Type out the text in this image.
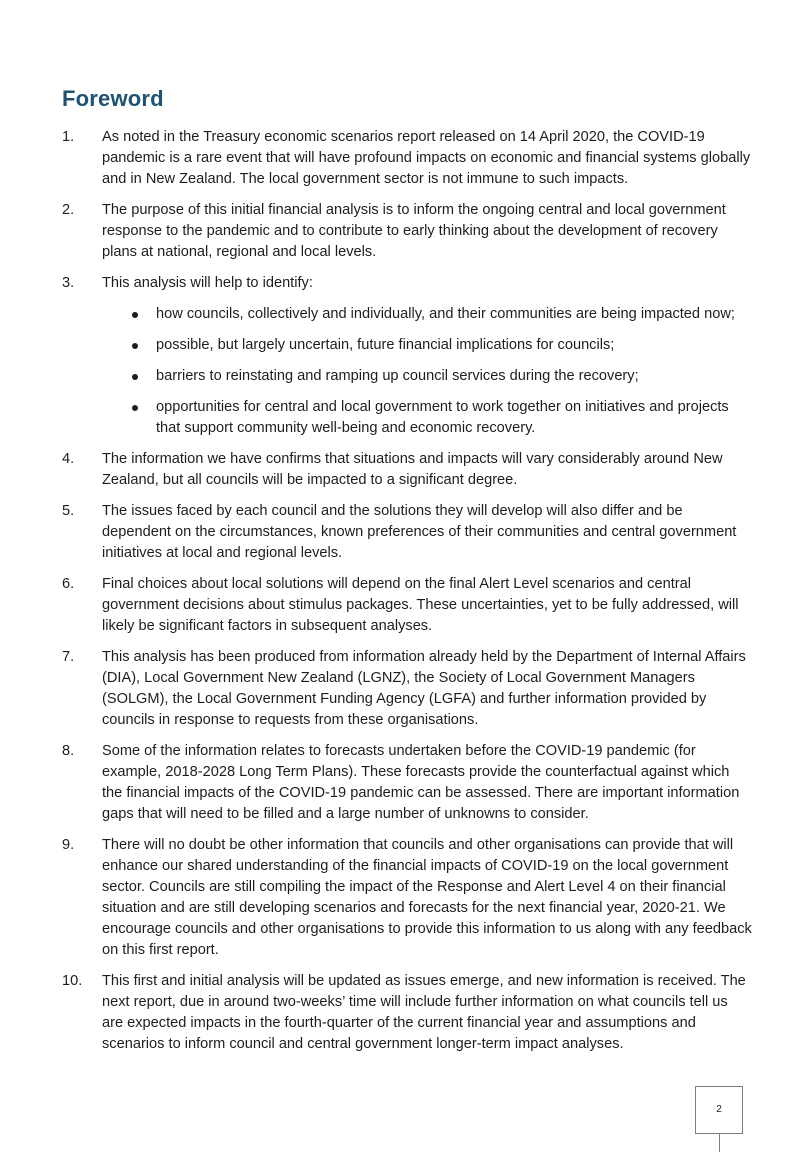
Foreword
1. As noted in the Treasury economic scenarios report released on 14 April 2020, the COVID-19 pandemic is a rare event that will have profound impacts on economic and financial systems globally and in New Zealand. The local government sector is not immune to such impacts.
2. The purpose of this initial financial analysis is to inform the ongoing central and local government response to the pandemic and to contribute to early thinking about the development of recovery plans at national, regional and local levels.
3. This analysis will help to identify:
how councils, collectively and individually, and their communities are being impacted now;
possible, but largely uncertain, future financial implications for councils;
barriers to reinstating and ramping up council services during the recovery;
opportunities for central and local government to work together on initiatives and projects that support community well-being and economic recovery.
4. The information we have confirms that situations and impacts will vary considerably around New Zealand, but all councils will be impacted to a significant degree.
5. The issues faced by each council and the solutions they will develop will also differ and be dependent on the circumstances, known preferences of their communities and central government initiatives at local and regional levels.
6. Final choices about local solutions will depend on the final Alert Level scenarios and central government decisions about stimulus packages. These uncertainties, yet to be fully addressed, will likely be significant factors in subsequent analyses.
7. This analysis has been produced from information already held by the Department of Internal Affairs (DIA), Local Government New Zealand (LGNZ), the Society of Local Government Managers (SOLGM), the Local Government Funding Agency (LGFA) and further information provided by councils in response to requests from these organisations.
8. Some of the information relates to forecasts undertaken before the COVID-19 pandemic (for example, 2018-2028 Long Term Plans). These forecasts provide the counterfactual against which the financial impacts of the COVID-19 pandemic can be assessed. There are important information gaps that will need to be filled and a large number of unknowns to consider.
9. There will no doubt be other information that councils and other organisations can provide that will enhance our shared understanding of the financial impacts of COVID-19 on the local government sector. Councils are still compiling the impact of the Response and Alert Level 4 on their financial situation and are still developing scenarios and forecasts for the next financial year, 2020-21. We encourage councils and other organisations to provide this information to us along with any feedback on this first report.
10. This first and initial analysis will be updated as issues emerge, and new information is received. The next report, due in around two-weeks’ time will include further information on what councils tell us are expected impacts in the fourth-quarter of the current financial year and assumptions and scenarios to inform council and central government longer-term impact analyses.
2
